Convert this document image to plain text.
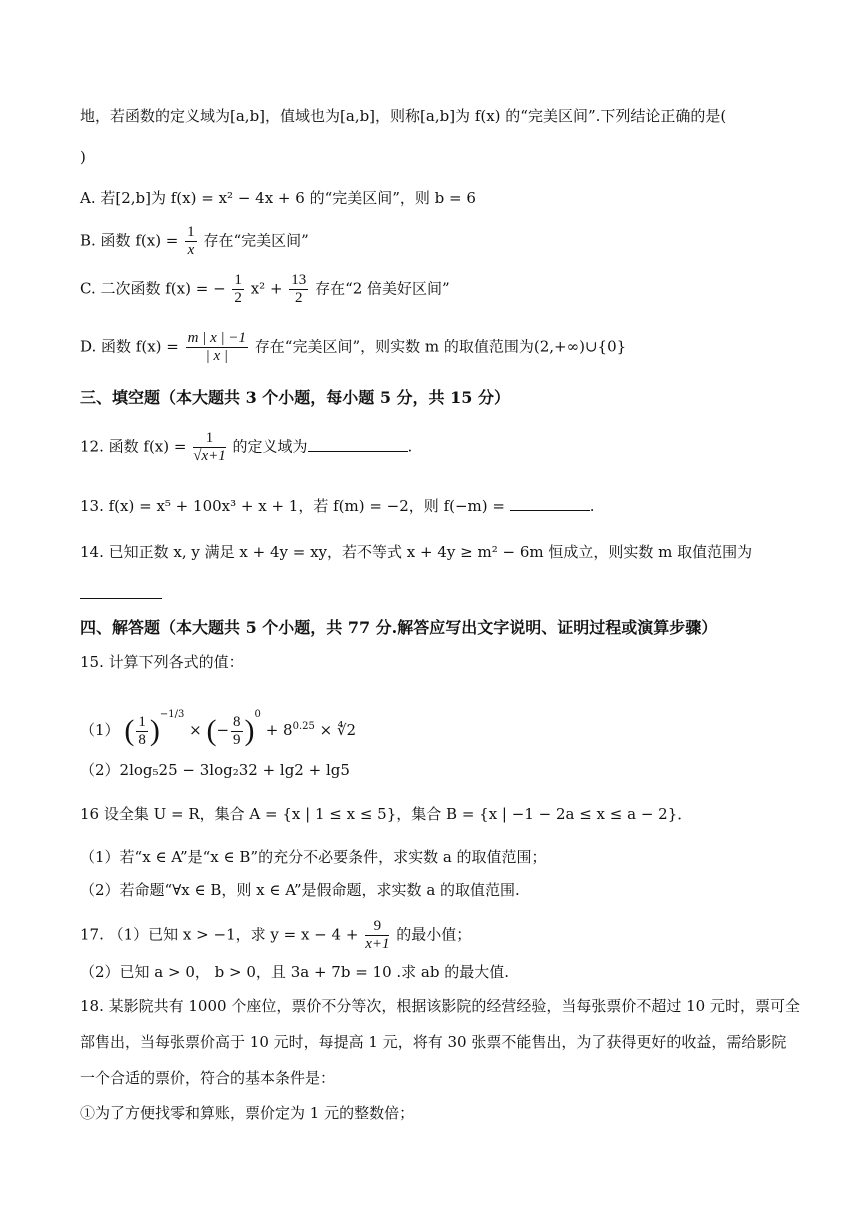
地，若函数的定义域为[a,b]，值域也为[a,b]，则称[a,b]为 f(x) 的“完美区间”.下列结论正确的是(
)
A. 若[2,b]为 f(x) = x² − 4x + 6 的“完美区间”，则 b = 6
B. 函数 $f(x) = \frac{1}{x}$ 存在“完美区间”
C. 二次函数 f(x) = − $\frac{1}{2} x^2 + \frac{13}{2}$ 存在“2 倍美好区间”
D. 函数 $f(x) = \frac{m | x | -1}{| x |}$ 存在“完美区间”，则实数 m 的取值范围为(2,+∞)∪{0}
三、填空题（本大题共 3 个小题，每小题 5 分，共 15 分）
12. 函数 $f(x) = \frac{1}{√x+1}$ 的定义域为	.
13. f(x) = x⁵ + 100x³ + x + 1，若 f(m) = −2，则 f(−m) =	.
14. 已知正数 x, y 满足 x + 4y = xy，若不等式 x + 4y ≥ m² − 6m 恒成立，则实数 m 取值范围为
四、解答题（本大题共 5 个小题，共 77 分.解答应写出文字说明、证明过程或演算步骤）
15. 计算下列各式的值：
（1） ( $\frac{1}{8} )^{-1/3}$ × (− $\frac{8}{9} )^0 + 8^{0.25}$ × ∜2
（2）2log₅25 − 3log₂32 + lg2 + lg5
16 设全集 U = R，集合 A = {x | 1 ≤ x ≤ 5}，集合 B = {x | −1 − 2a ≤ x ≤ a − 2}．
（1）若“x ∈ A”是“x ∈ B”的充分不必要条件，求实数 a 的取值范围；
（2）若命题“∀x ∈ B，则 x ∈ A”是假命题，求实数 a 的取值范围.
17. （1）已知 x > −1，求 $y = x - 4 + \frac{9}{x+1}$ 的最小值；
（2）已知 a > 0， b > 0，且 3a + 7b = 10 .求 ab 的最大值.
18. 某影院共有 1000 个座位，票价不分等次，根据该影院的经营经验，当每张票价不超过 10 元时，票可全
部售出，当每张票价高于 10 元时，每提高 1 元，将有 30 张票不能售出，为了获得更好的收益，需给影院
一个合适的票价，符合的基本条件是：
①为了方便找零和算账，票价定为 1 元的整数倍；
